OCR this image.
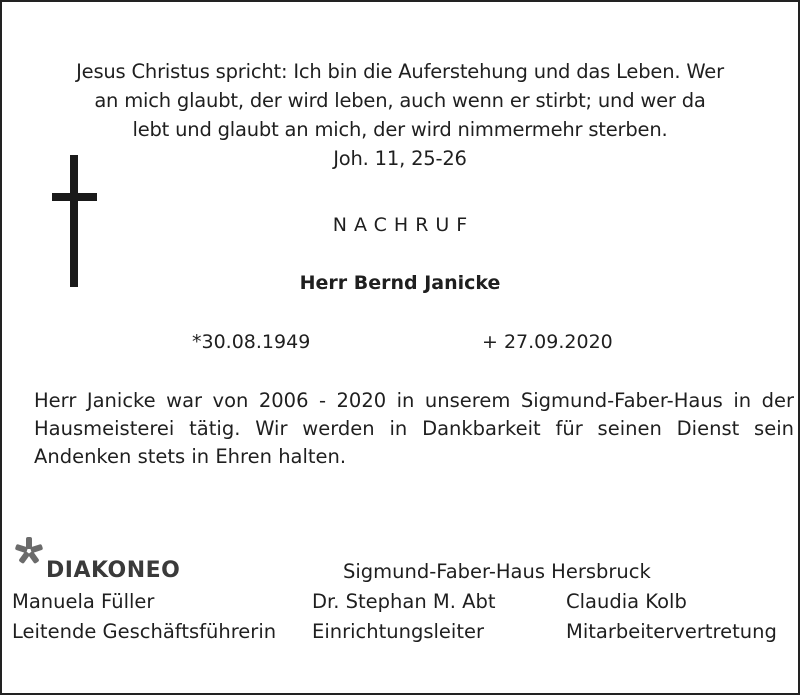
Jesus Christus spricht: Ich bin die Auferstehung und das Leben. Wer
an mich glaubt, der wird leben, auch wenn er stirbt; und wer da
lebt und glaubt an mich, der wird nimmermehr sterben.
Joh. 11, 25-26
NACHRUF
Herr Bernd Janicke
*30.08.1949	+ 27.09.2020
Herr Janicke war von 2006 - 2020 in unserem Sigmund-Faber-Haus in der
Hausmeisterei tätig. Wir werden in Dankbarkeit für seinen Dienst sein
Andenken stets in Ehren halten.
DIAKONEO	Sigmund-Faber-Haus Hersbruck
Manuela Füller
Leitende Geschäftsführerin
Dr. Stephan M. Abt
Einrichtungsleiter
Claudia Kolb
Mitarbeitervertretung
